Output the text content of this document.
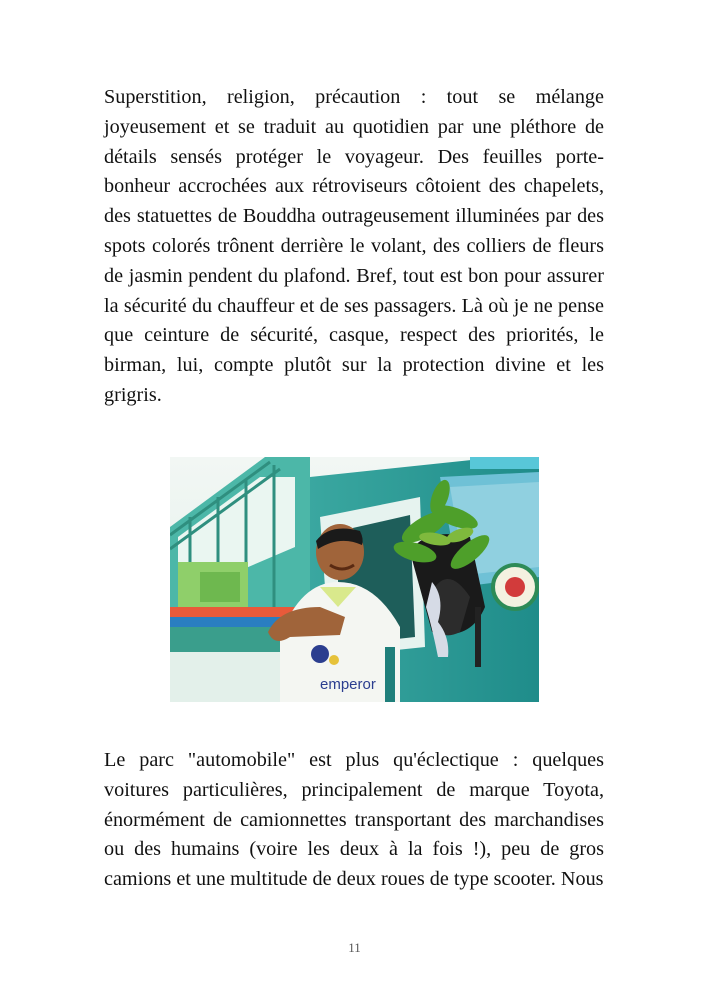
Superstition, religion, précaution : tout se mélange joyeusement et se traduit au quotidien par une pléthore de détails sensés protéger le voyageur. Des feuilles porte-bonheur accrochées aux rétroviseurs côtoient des chapelets, des statuettes de Bouddha outrageusement illuminées par des spots colorés trônent derrière le volant, des colliers de fleurs de jasmin pendent du plafond. Bref, tout est bon pour assurer la sécurité du chauffeur et de ses passagers. Là où je ne pense que ceinture de sécurité, casque, respect des priorités, le birman, lui, compte plutôt sur la protection divine et les grigris.

emperor

Le parc "automobile" est plus qu'éclectique : quelques voitures particulières, principalement de marque Toyota, énormément de camionnettes transportant des marchandises ou des humains (voire les deux à la fois !), peu de gros camions et une multitude de deux roues de type scooter. Nous

11
